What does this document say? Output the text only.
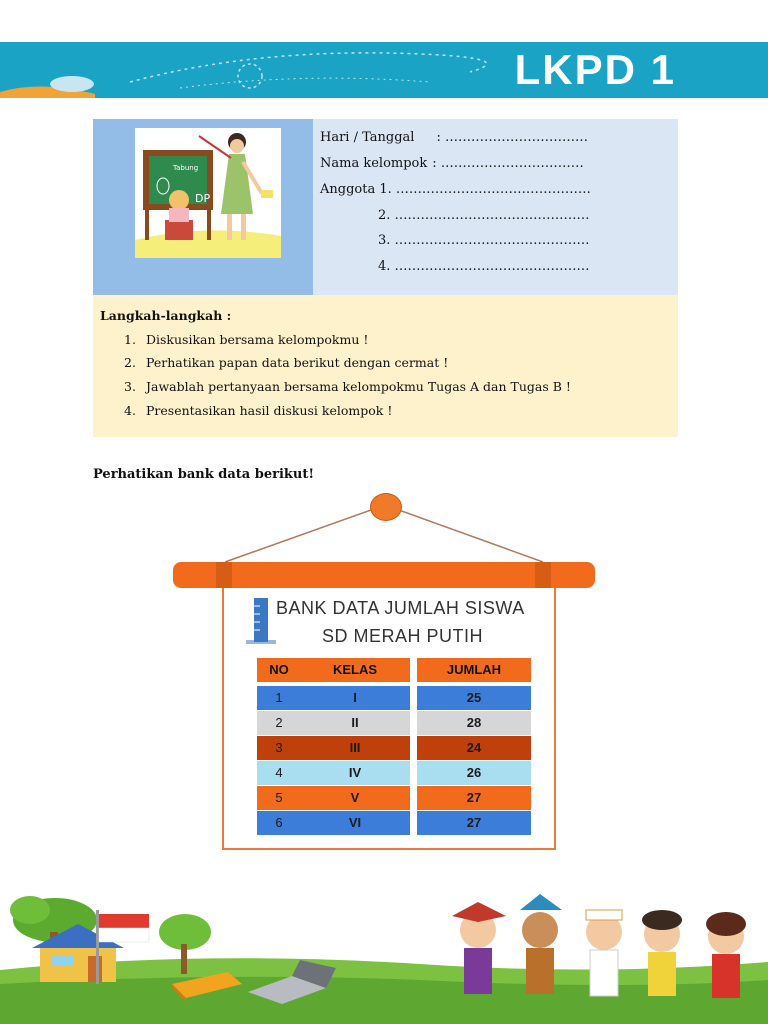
LKPD 1
Tabung
DP
Hari / Tanggal : ……………………………
Nama kelompok : ……………………………
Anggota 1. ………………………………………
2. ………………………………………
3. ………………………………………
4. ………………………………………
Langkah-langkah :
1. Diskusikan bersama kelompokmu !
2. Perhatikan papan data berikut dengan cermat !
3. Jawablah pertanyaan bersama kelompokmu Tugas A dan Tugas B !
4. Presentasikan hasil diskusi kelompok !
Perhatikan bank data berikut!
BANK DATA JUMLAH SISWA
SD MERAH PUTIH
NO	KELAS	JUMLAH
1	I	25
2	II	28
3	III	24
4	IV	26
5	V	27
6	VI	27
